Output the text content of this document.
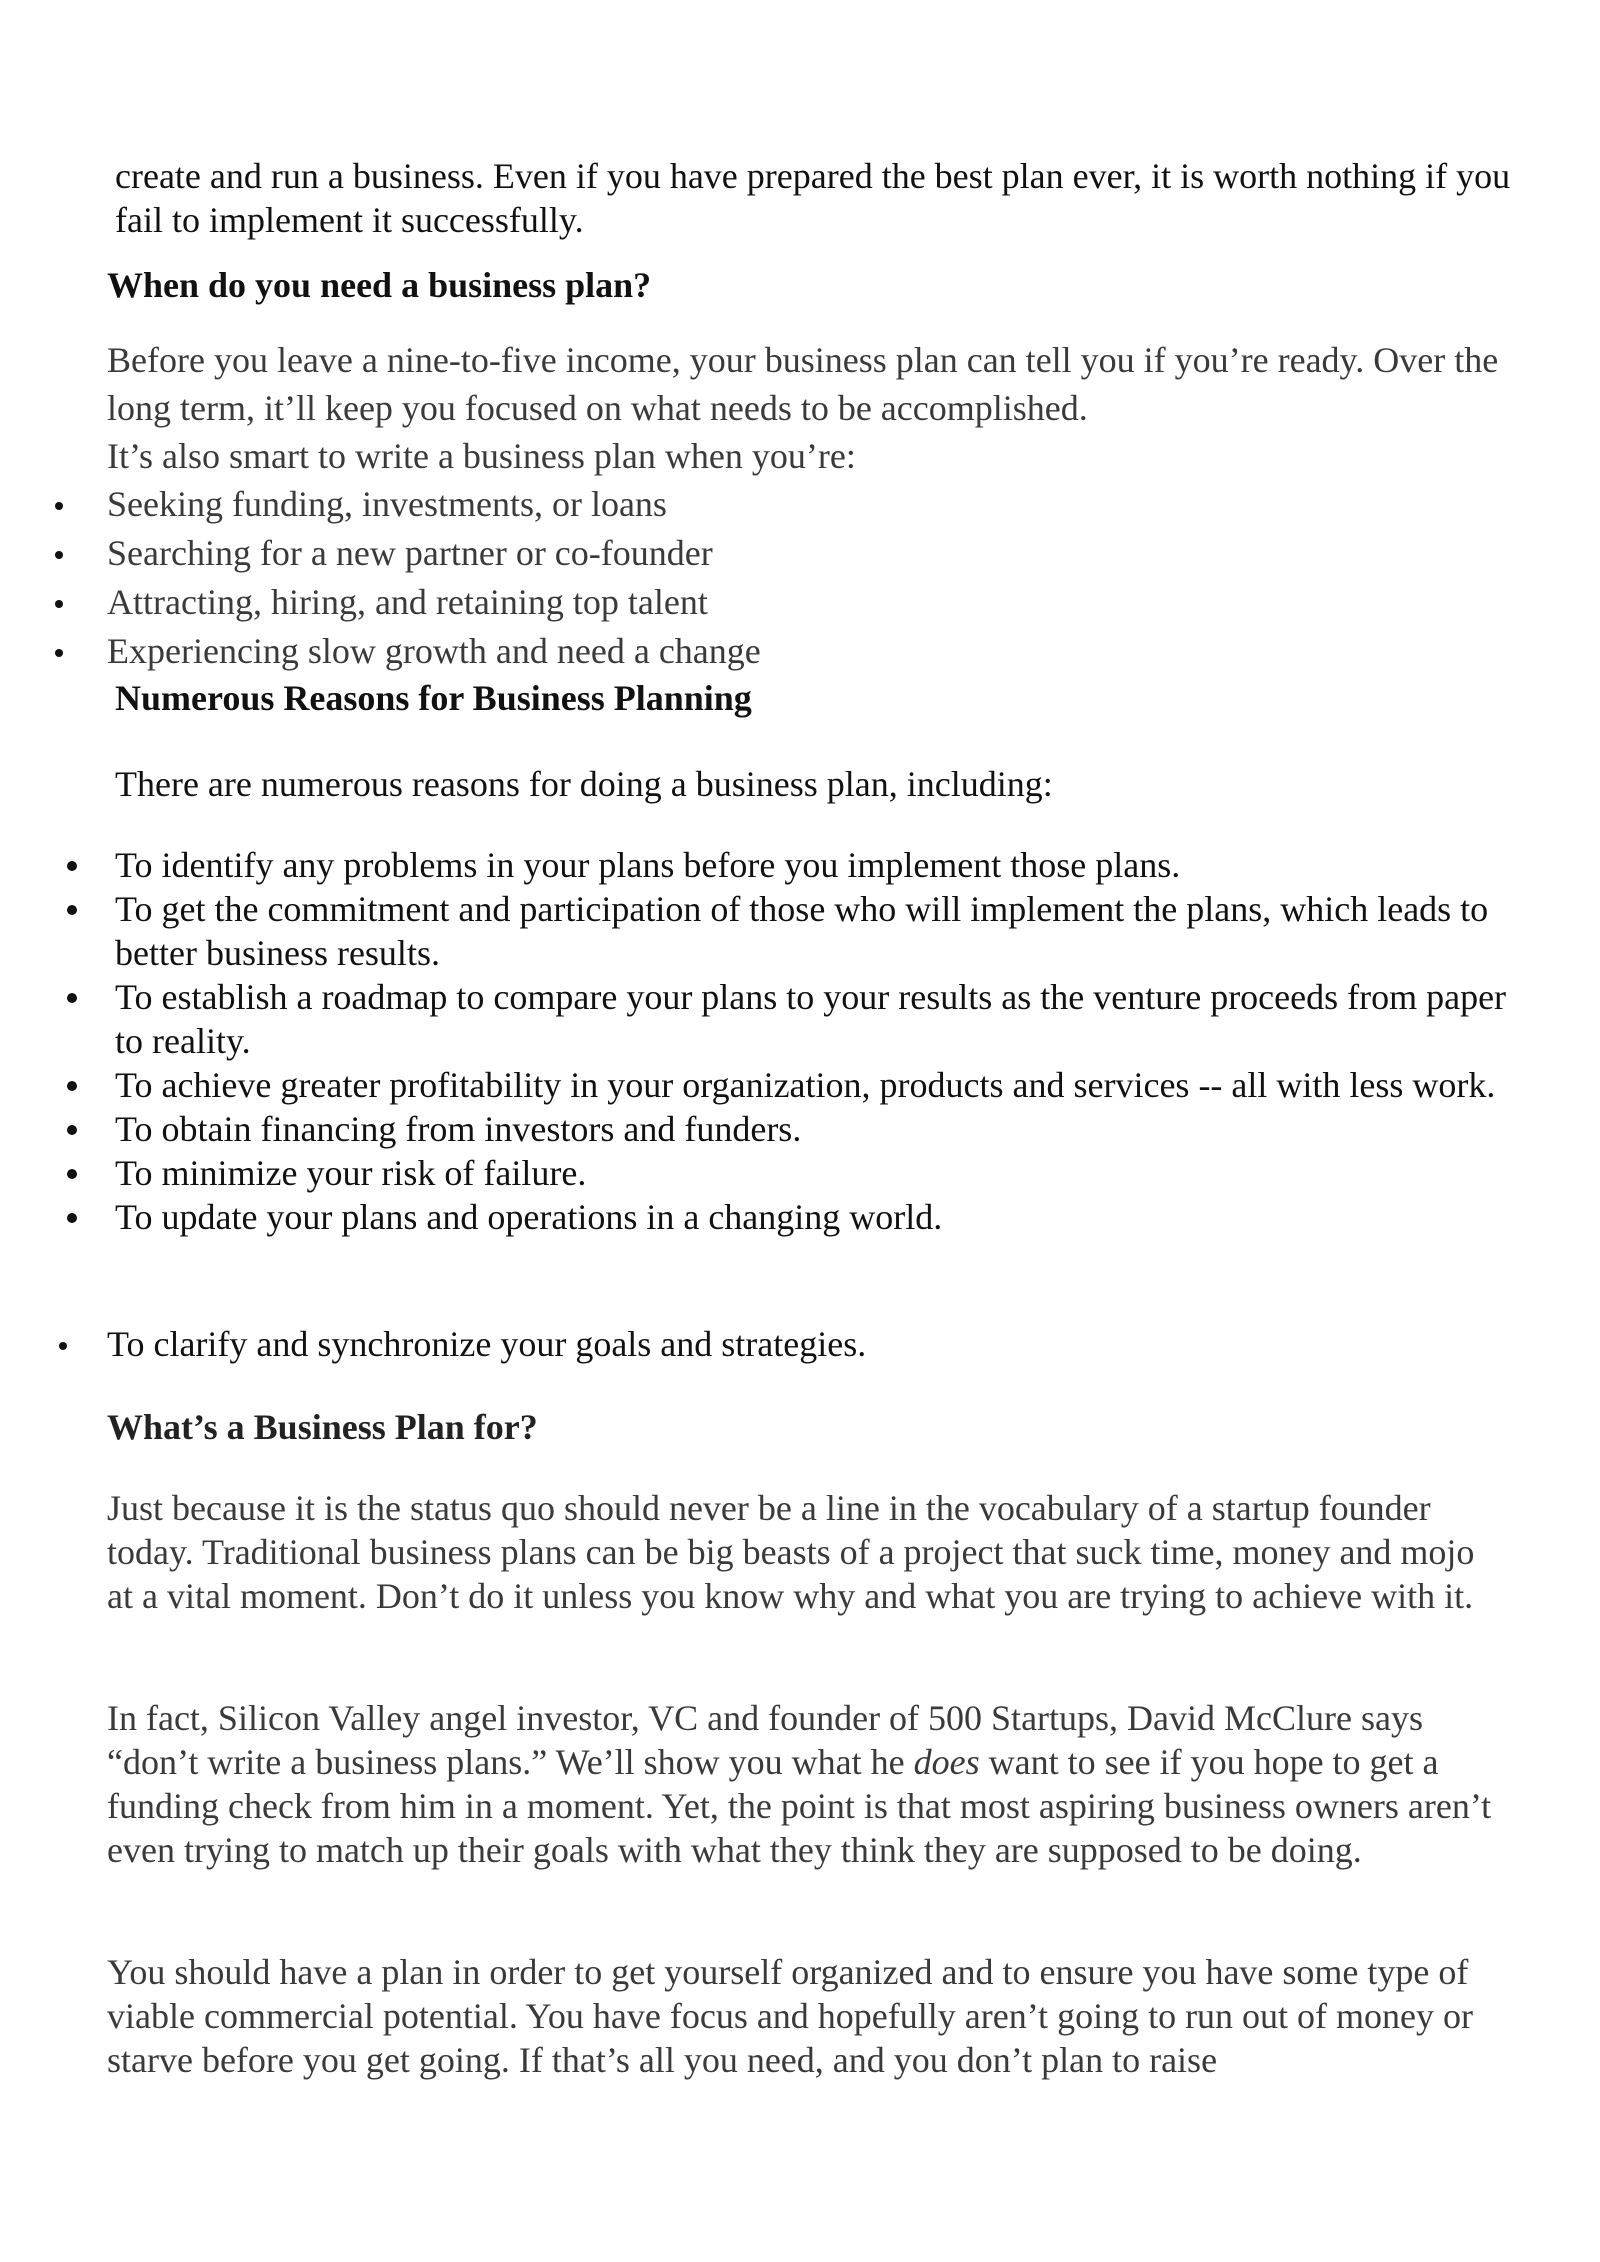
create and run a business. Even if you have prepared the best plan ever, it is worth nothing if you fail to implement it successfully.

When do you need a business plan?

Before you leave a nine-to-five income, your business plan can tell you if you’re ready. Over the long term, it’ll keep you focused on what needs to be accomplished.

It’s also smart to write a business plan when you’re:

Seeking funding, investments, or loans
Searching for a new partner or co-founder
Attracting, hiring, and retaining top talent
Experiencing slow growth and need a change

Numerous Reasons for Business Planning

There are numerous reasons for doing a business plan, including:

To identify any problems in your plans before you implement those plans.
To get the commitment and participation of those who will implement the plans, which leads to better business results.
To establish a roadmap to compare your plans to your results as the venture proceeds from paper to reality.
To achieve greater profitability in your organization, products and services -- all with less work.
To obtain financing from investors and funders.
To minimize your risk of failure.
To update your plans and operations in a changing world.
To clarify and synchronize your goals and strategies.

What’s a Business Plan for?

Just because it is the status quo should never be a line in the vocabulary of a startup founder today. Traditional business plans can be big beasts of a project that suck time, money and mojo at a vital moment. Don’t do it unless you know why and what you are trying to achieve with it.

In fact, Silicon Valley angel investor, VC and founder of 500 Startups, David McClure says “don’t write a business plans.” We’ll show you what he does want to see if you hope to get a funding check from him in a moment. Yet, the point is that most aspiring business owners aren’t even trying to match up their goals with what they think they are supposed to be doing.

You should have a plan in order to get yourself organized and to ensure you have some type of viable commercial potential. You have focus and hopefully aren’t going to run out of money or starve before you get going. If that’s all you need, and you don’t plan to raise
